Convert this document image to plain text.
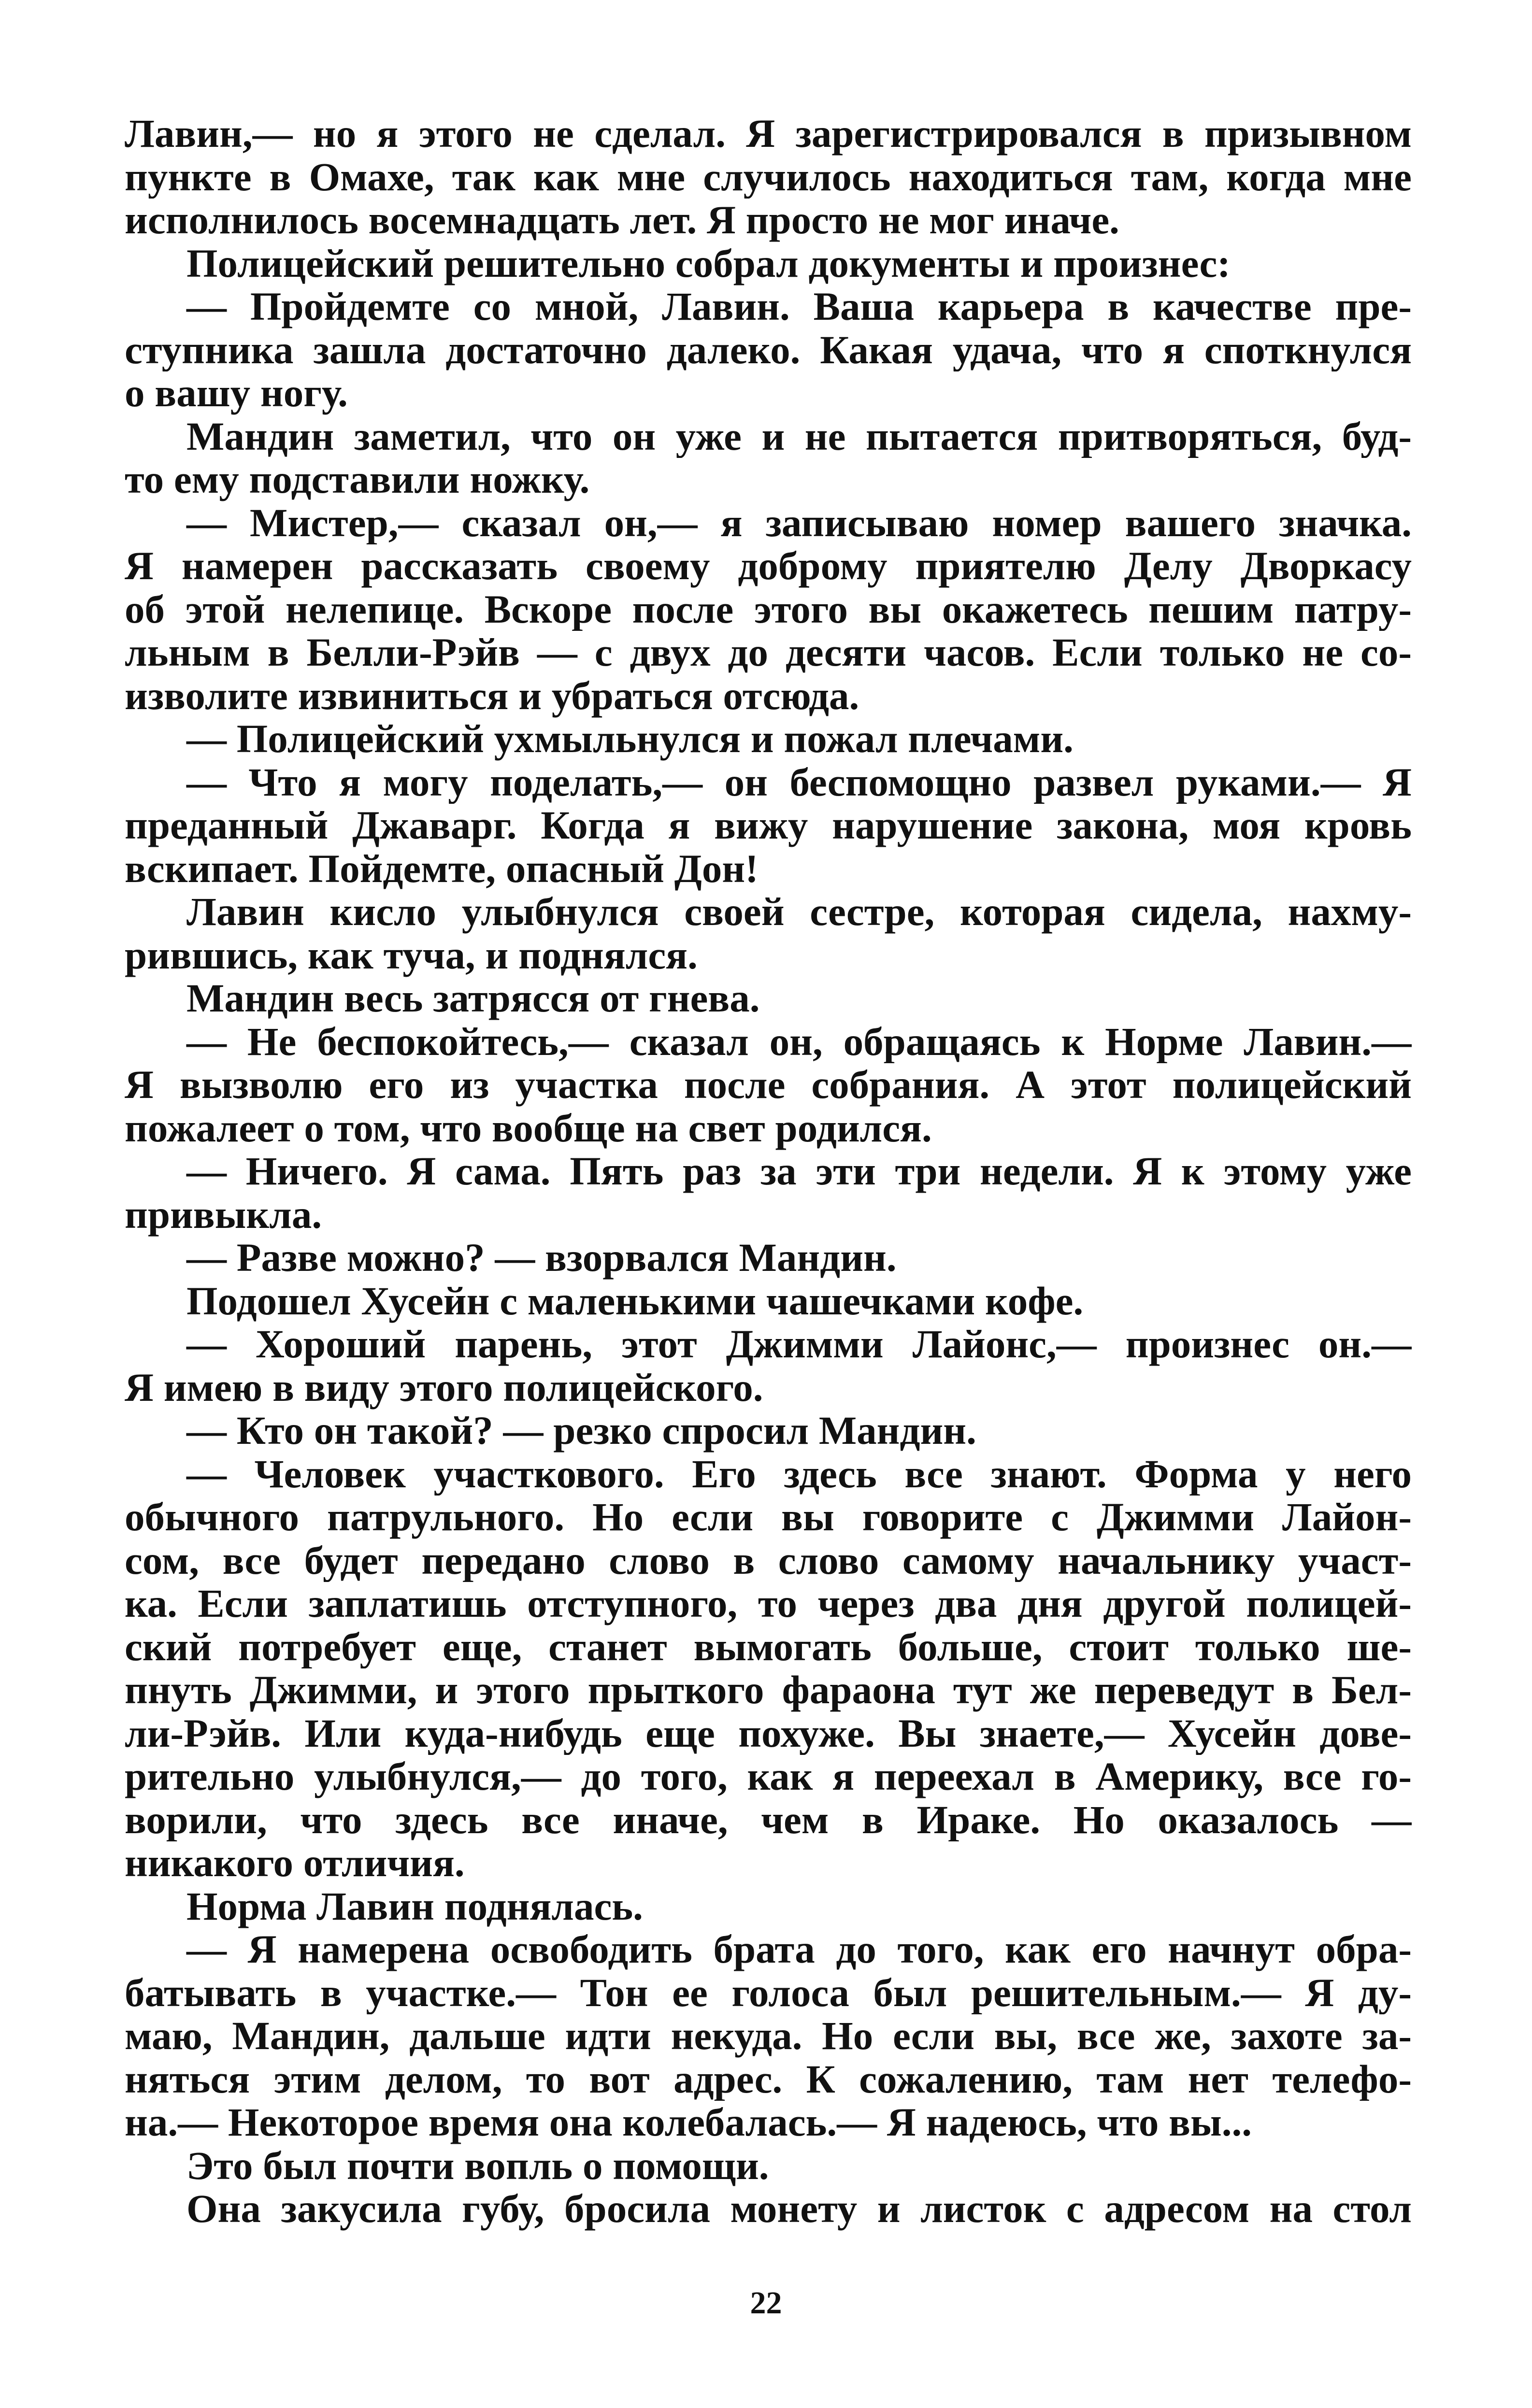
Лавин,— но я этого не сделал. Я зарегистрировался в призывном
пункте в Омахе, так как мне случилось находиться там, когда мне
исполнилось восемнадцать лет. Я просто не мог иначе.
Полицейский решительно собрал документы и произнес:
— Пройдемте со мной, Лавин. Ваша карьера в качестве пре-
ступника зашла достаточно далеко. Какая удача, что я споткнулся
о вашу ногу.
Мандин заметил, что он уже и не пытается притворяться, буд-
то ему подставили ножку.
— Мистер,— сказал он,— я записываю номер вашего значка.
Я намерен рассказать своему доброму приятелю Делу Дворкасу
об этой нелепице. Вскоре после этого вы окажетесь пешим патру-
льным в Белли-Рэйв — с двух до десяти часов. Если только не со-
изволите извиниться и убраться отсюда.
— Полицейский ухмыльнулся и пожал плечами.
— Что я могу поделать,— он беспомощно развел руками.— Я
преданный Джаварг. Когда я вижу нарушение закона, моя кровь
вскипает. Пойдемте, опасный Дон!
Лавин кисло улыбнулся своей сестре, которая сидела, нахму-
рившись, как туча, и поднялся.
Мандин весь затрясся от гнева.
— Не беспокойтесь,— сказал он, обращаясь к Норме Лавин.—
Я вызволю его из участка после собрания. А этот полицейский
пожалеет о том, что вообще на свет родился.
— Ничего. Я сама. Пять раз за эти три недели. Я к этому уже
привыкла.
— Разве можно? — взорвался Мандин.
Подошел Хусейн с маленькими чашечками кофе.
— Хороший парень, этот Джимми Лайонс,— произнес он.—
Я имею в виду этого полицейского.
— Кто он такой? — резко спросил Мандин.
— Человек участкового. Его здесь все знают. Форма у него
обычного патрульного. Но если вы говорите с Джимми Лайон-
сом, все будет передано слово в слово самому начальнику участ-
ка. Если заплатишь отступного, то через два дня другой полицей-
ский потребует еще, станет вымогать больше, стоит только ше-
пнуть Джимми, и этого прыткого фараона тут же переведут в Бел-
ли-Рэйв. Или куда-нибудь еще похуже. Вы знаете,— Хусейн дове-
рительно улыбнулся,— до того, как я переехал в Америку, все го-
ворили, что здесь все иначе, чем в Ираке. Но оказалось —
никакого отличия.
Норма Лавин поднялась.
— Я намерена освободить брата до того, как его начнут обра-
батывать в участке.— Тон ее голоса был решительным.— Я ду-
маю, Мандин, дальше идти некуда. Но если вы, все же, захоте за-
няться этим делом, то вот адрес. К сожалению, там нет телефо-
на.— Некоторое время она колебалась.— Я надеюсь, что вы...
Это был почти вопль о помощи.
Она закусила губу, бросила монету и листок с адресом на стол
22
